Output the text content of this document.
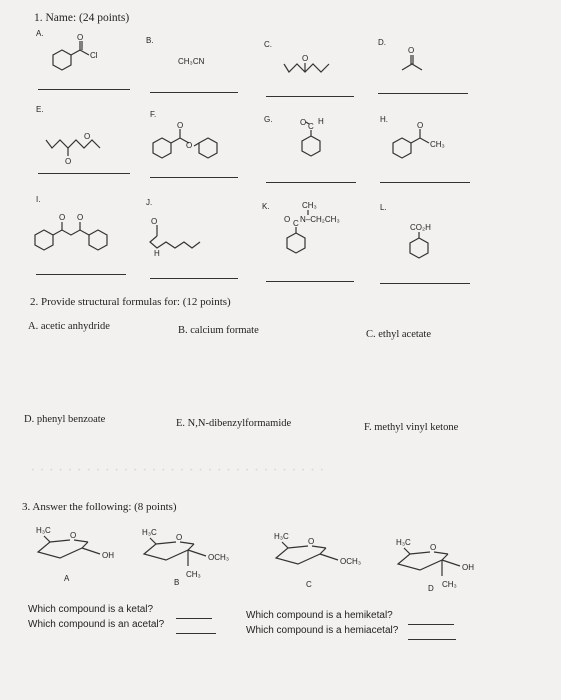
· · · · · · · · · · · · · · · · · · · · · · · · · · · · · · · ·
1. Name: (24 points)
A.
B.	C.	D.
O
Cl
CH₃CN	O
O
E.
F.
G.	H.
O
O
O
O
O C
H	O
CH₃
I.	J.	K.	L.
O O
H
O
CH₃
O C N–CH₂CH₃
CO₂H
2. Provide structural formulas for: (12 points)
A. acetic anhydride	B. calcium formate	C. ethyl acetate
D. phenyl benzoate	E. N,N-dibenzylformamide	F. methyl vinyl ketone
3. Answer the following: (8 points)
H₃C
O
OH
A
H₃C
O
OCH₃
CH₃
B
H₃C
O
OCH₃
C
H₃C
O
OH
CH₃
D
Which compound is a ketal?
Which compound is an acetal?
Which compound is a hemiketal?
Which compound is a hemiacetal?
